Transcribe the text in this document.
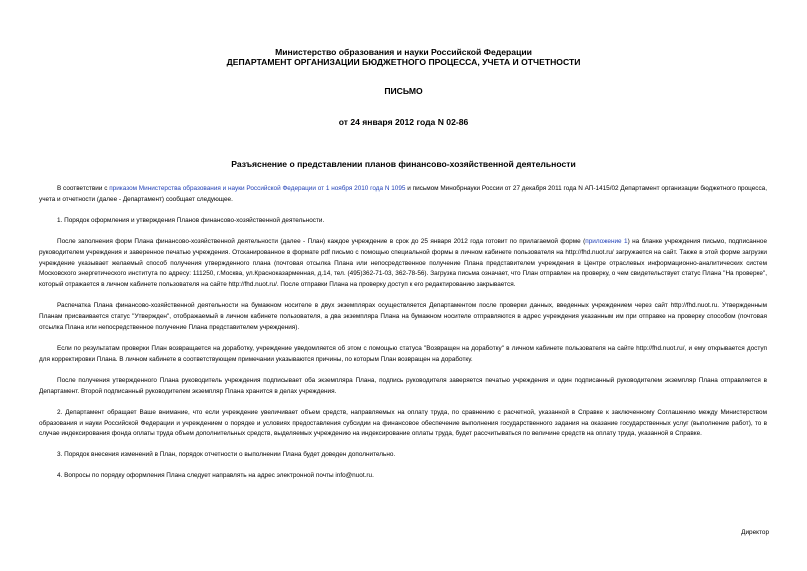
Министерство образования и науки Российской Федерации
ДЕПАРТАМЕНТ ОРГАНИЗАЦИИ БЮДЖЕТНОГО ПРОЦЕССА, УЧЕТА И ОТЧЕТНОСТИ
ПИСЬМО
от 24 января 2012 года N 02-86
Разъяснение о представлении планов финансово-хозяйственной деятельности

В соответствии с приказом Министерства образования и науки Российской Федерации от 1 ноября 2010 года N 1095 и письмом Минобрнауки России от 27 декабря 2011 года N АП-1415/02 Департамент организации бюджетного процесса, учета и отчетности (далее - Департамент) сообщает следующее.

1. Порядок оформления и утверждения Планов финансово-хозяйственной деятельности.

После заполнения форм Плана финансово-хозяйственной деятельности (далее - План) каждое учреждение в срок до 25 января 2012 года готовит по прилагаемой форме (приложение 1) на бланке учреждения письмо, подписанное руководителем учреждения и заверенное печатью учреждения. Отсканированное в формате pdf письмо с помощью специальной формы в личном кабинете пользователя на http://fhd.nuot.ru/ загружается на сайт. Также в этой форме загрузки учреждение указывает желаемый способ получения утвержденного плана (почтовая отсылка Плана или непосредственное получение Плана представителем учреждения в Центре отраслевых информационно-аналитических систем Московского энергетического института по адресу: 111250, г.Москва, ул.Красноказарменная, д.14, тел. (495)362-71-03, 362-78-56). Загрузка письма означает, что План отправлен на проверку, о чем свидетельствует статус Плана "На проверке", который отражается в личном кабинете пользователя на сайте http://fhd.nuot.ru/. После отправки Плана на проверку доступ к его редактированию закрывается.

Распечатка Плана финансово-хозяйственной деятельности на бумажном носителе в двух экземплярах осуществляется Департаментом после проверки данных, введенных учреждением через сайт http://fhd.nuot.ru. Утвержденным Планам присваивается статус "Утвержден", отображаемый в личном кабинете пользователя, а два экземпляра Плана на бумажном носителе отправляются в адрес учреждения указанным им при отправке на проверку способом (почтовая отсылка Плана или непосредственное получение Плана представителем учреждения).

Если по результатам проверки План возвращается на доработку, учреждение уведомляется об этом с помощью статуса "Возвращен на доработку" в личном кабинете пользователя на сайте http://fhd.nuot.ru/, и ему открывается доступ для корректировки Плана. В личном кабинете в соответствующем примечании указываются причины, по которым План возвращен на доработку.

После получения утвержденного Плана руководитель учреждения подписывает оба экземпляра Плана, подпись руководителя заверяется печатью учреждения и один подписанный руководителем экземпляр Плана отправляется в Департамент. Второй подписанный руководителем экземпляр Плана хранится в делах учреждения.

2. Департамент обращает Ваше внимание, что если учреждение увеличивает объем средств, направляемых на оплату труда, по сравнению с расчетной, указанной в Справке к заключенному Соглашению между Министерством образования и науки Российской Федерации и учреждением о порядке и условиях предоставления субсидии на финансовое обеспечение выполнения государственного задания на оказание государственных услуг (выполнение работ), то в случае индексирования фонда оплаты труда объем дополнительных средств, выделяемых учреждению на индексирование оплаты труда, будет рассчитываться по величине средств на оплату труда, указанной в Справке.

3. Порядок внесения изменений в План, порядок отчетности о выполнении Плана будет доведен дополнительно.

4. Вопросы по порядку оформления Плана следует направлять на адрес электронной почты info@nuot.ru.

Директор
